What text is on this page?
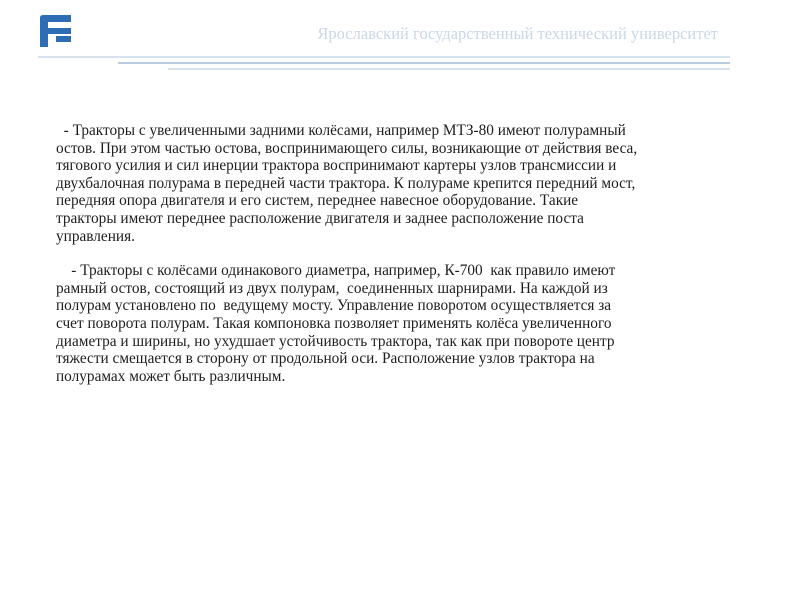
Ярославский государственный технический университет
- Тракторы с увеличенными задними колёсами, например МТЗ-80 имеют полурамный
остов. При этом частью остова, воспринимающего силы, возникающие от действия веса,
тягового усилия и сил инерции трактора воспринимают картеры узлов трансмиссии и
двухбалочная полурама в передней части трактора. К полураме крепится передний мост,
передняя опора двигателя и его систем, переднее навесное оборудование. Такие
тракторы имеют переднее расположение двигателя и заднее расположение поста
управления.
- Тракторы с колёсами одинакового диаметра, например, К-700  как правило имеют
рамный остов, состоящий из двух полурам,  соединенных шарнирами. На каждой из
полурам установлено по  ведущему мосту. Управление поворотом осуществляется за
счет поворота полурам. Такая компоновка позволяет применять колёса увеличенного
диаметра и ширины, но ухудшает устойчивость трактора, так как при повороте центр
тяжести смещается в сторону от продольной оси. Расположение узлов трактора на
полурамах может быть различным.
